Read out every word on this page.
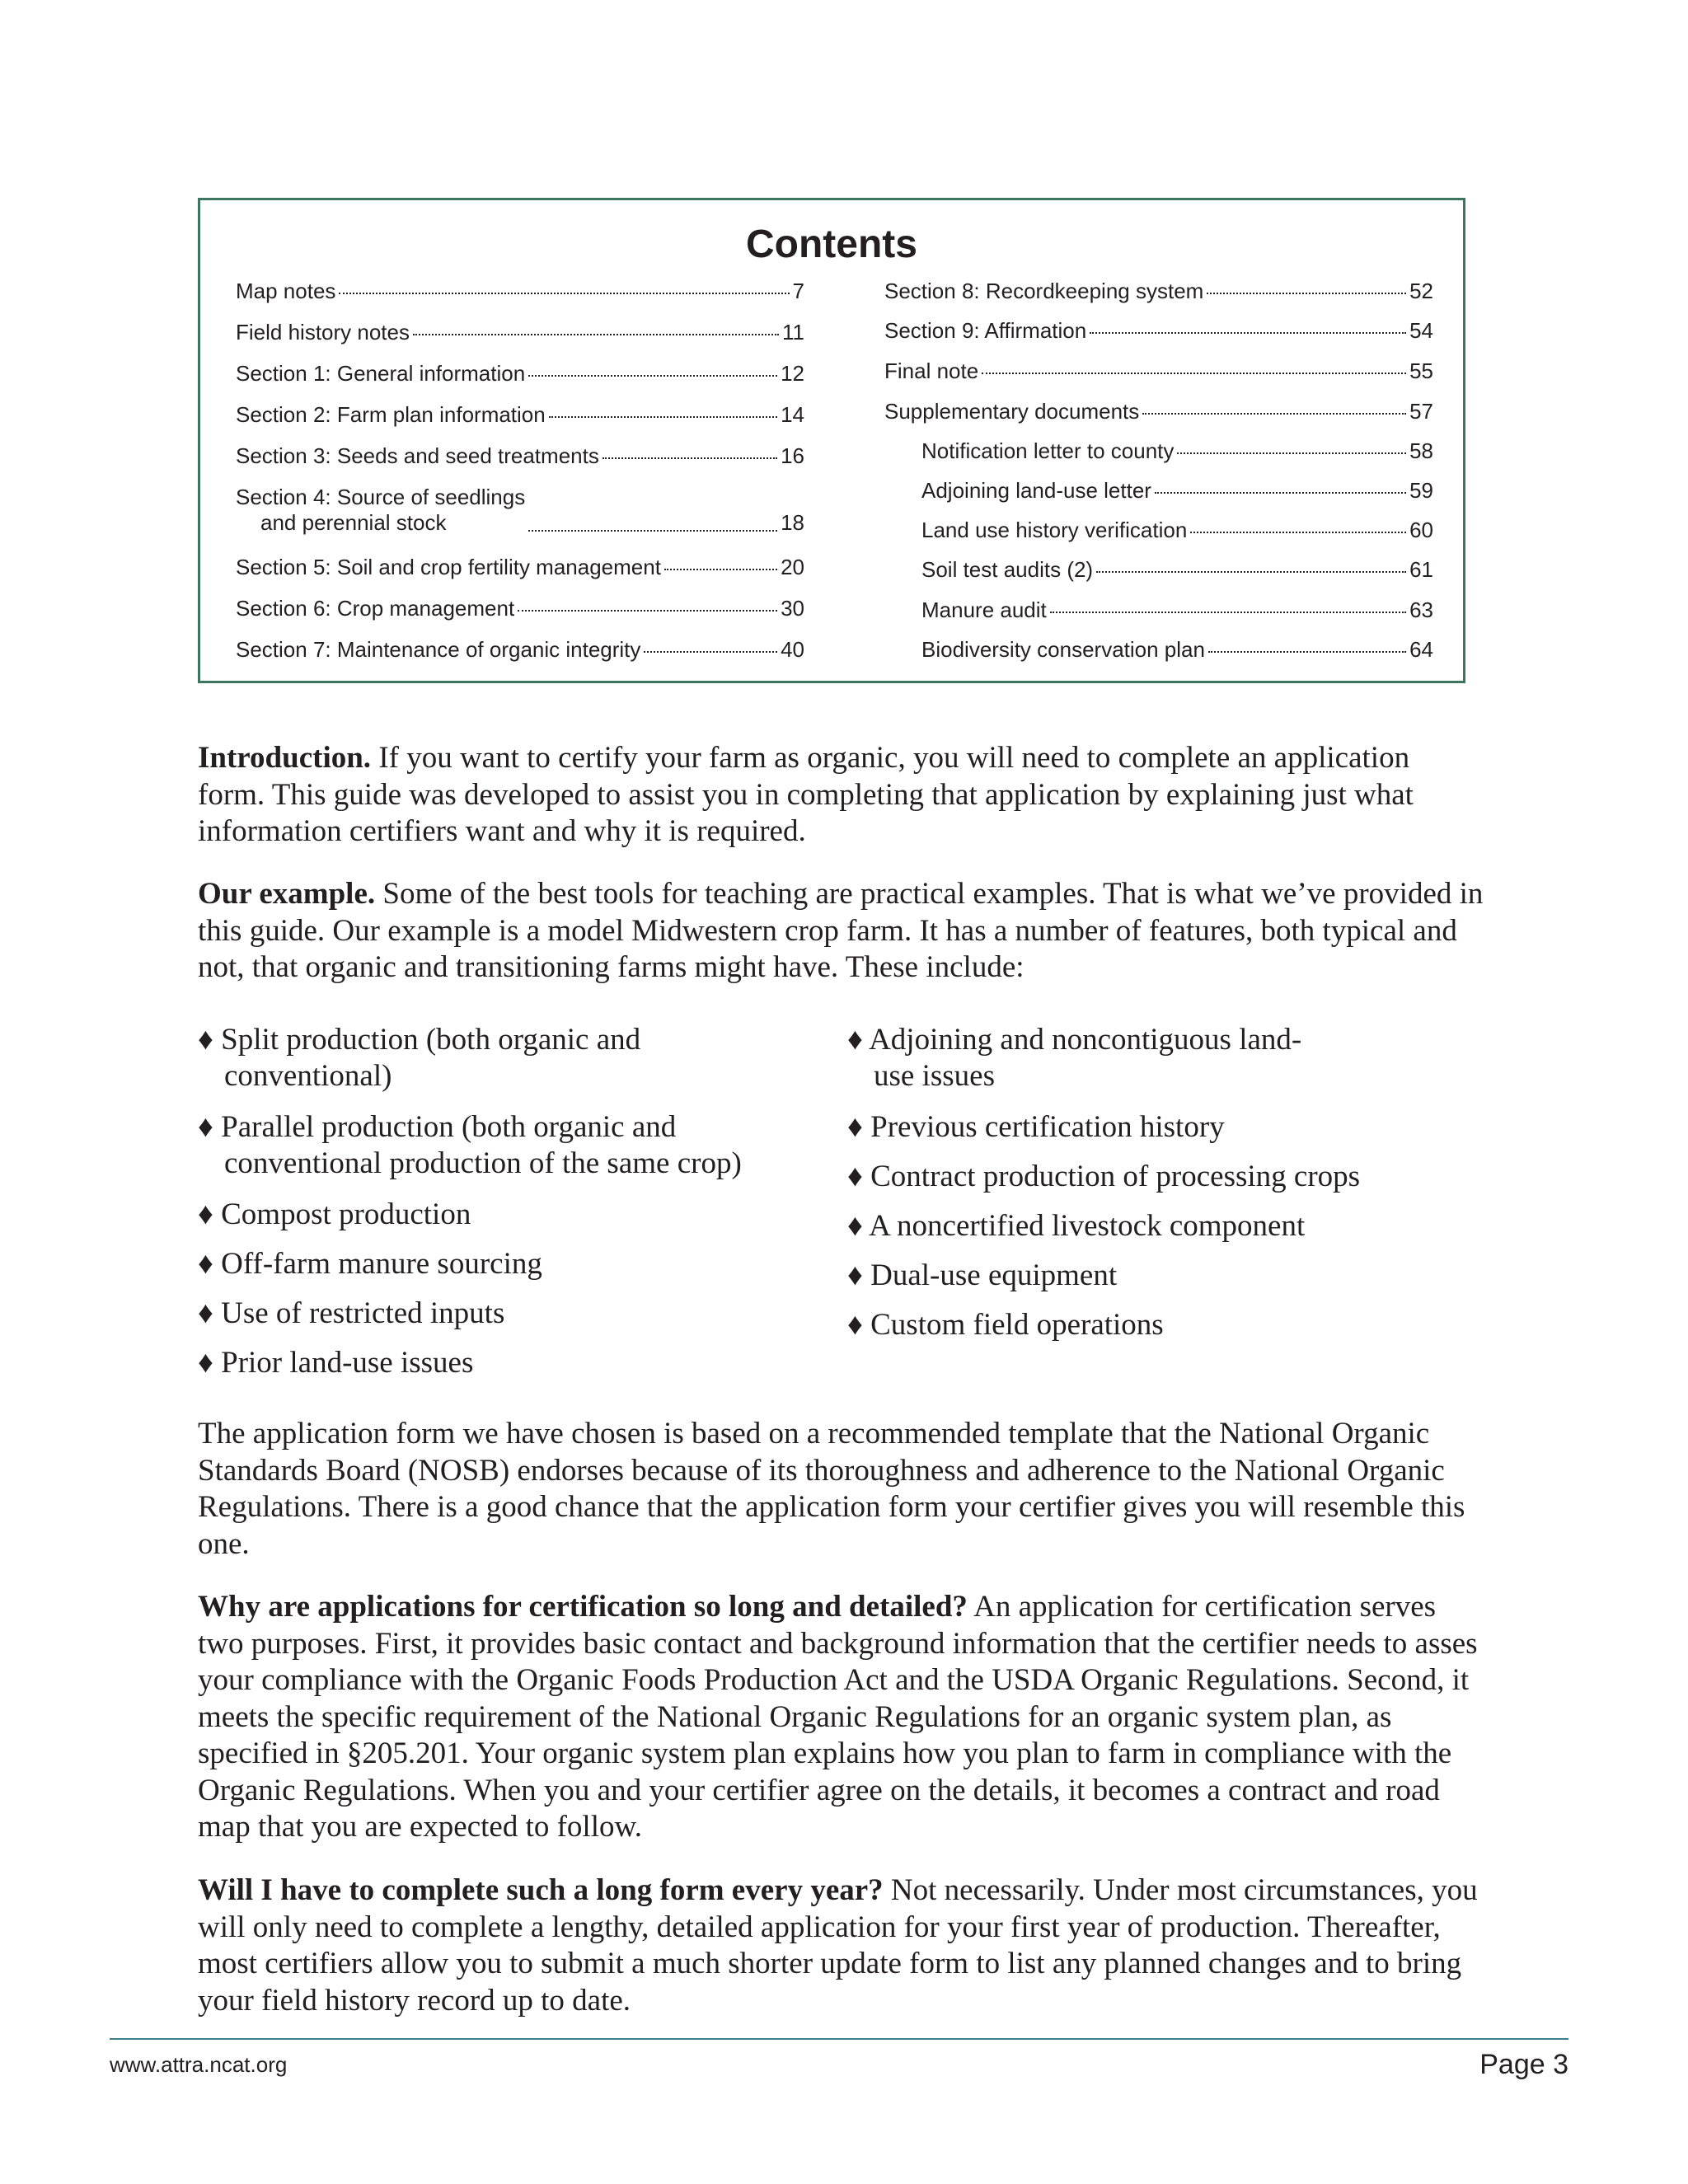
Contents
Map notes	7
Field history notes	11
Section 1: General information	12
Section 2: Farm plan information	14
Section 3: Seeds and seed treatments	16
Section 4: Source of seedlings
and perennial stock	18
Section 5: Soil and crop fertility management	20
Section 6: Crop management	30
Section 7: Maintenance of organic integrity	40
Section 8: Recordkeeping system	52
Section 9: Affirmation	54
Final note	55
Supplementary documents	57
Notification letter to county	58
Adjoining land-use letter	59
Land use history verification	60
Soil test audits (2)	61
Manure audit	63
Biodiversity conservation plan	64
Introduction. If you want to certify your farm as organic, you will need to complete an application form. This guide was developed to assist you in completing that application by explaining just what information certifiers want and why it is required.
Our example. Some of the best tools for teaching are practical examples. That is what we’ve provided in this guide. Our example is a model Midwestern crop farm. It has a number of features, both typical and not, that organic and transitioning farms might have. These include:
♦ Split production (both organic and
conventional)
♦ Parallel production (both organic and
conventional production of the same crop)
♦ Compost production
♦ Off-farm manure sourcing
♦ Use of restricted inputs
♦ Prior land-use issues
♦ Adjoining and noncontiguous land-
use issues
♦ Previous certification history
♦ Contract production of processing crops
♦ A noncertified livestock component
♦ Dual-use equipment
♦ Custom field operations
The application form we have chosen is based on a recommended template that the National Organic Standards Board (NOSB) endorses because of its thoroughness and adherence to the National Organic Regulations. There is a good chance that the application form your certifier gives you will resemble this one.
Why are applications for certification so long and detailed? An application for certification serves two purposes. First, it provides basic contact and background information that the certifier needs to asses your compliance with the Organic Foods Production Act and the USDA Organic Regulations. Second, it meets the specific requirement of the National Organic Regulations for an organic system plan, as specified in §205.201. Your organic system plan explains how you plan to farm in compliance with the Organic Regulations. When you and your certifier agree on the details, it becomes a contract and road map that you are expected to follow.
Will I have to complete such a long form every year? Not necessarily. Under most circumstances, you will only need to complete a lengthy, detailed application for your first year of production. Thereafter, most certifiers allow you to submit a much shorter update form to list any planned changes and to bring your field history record up to date.
www.attra.ncat.org	Page 3
